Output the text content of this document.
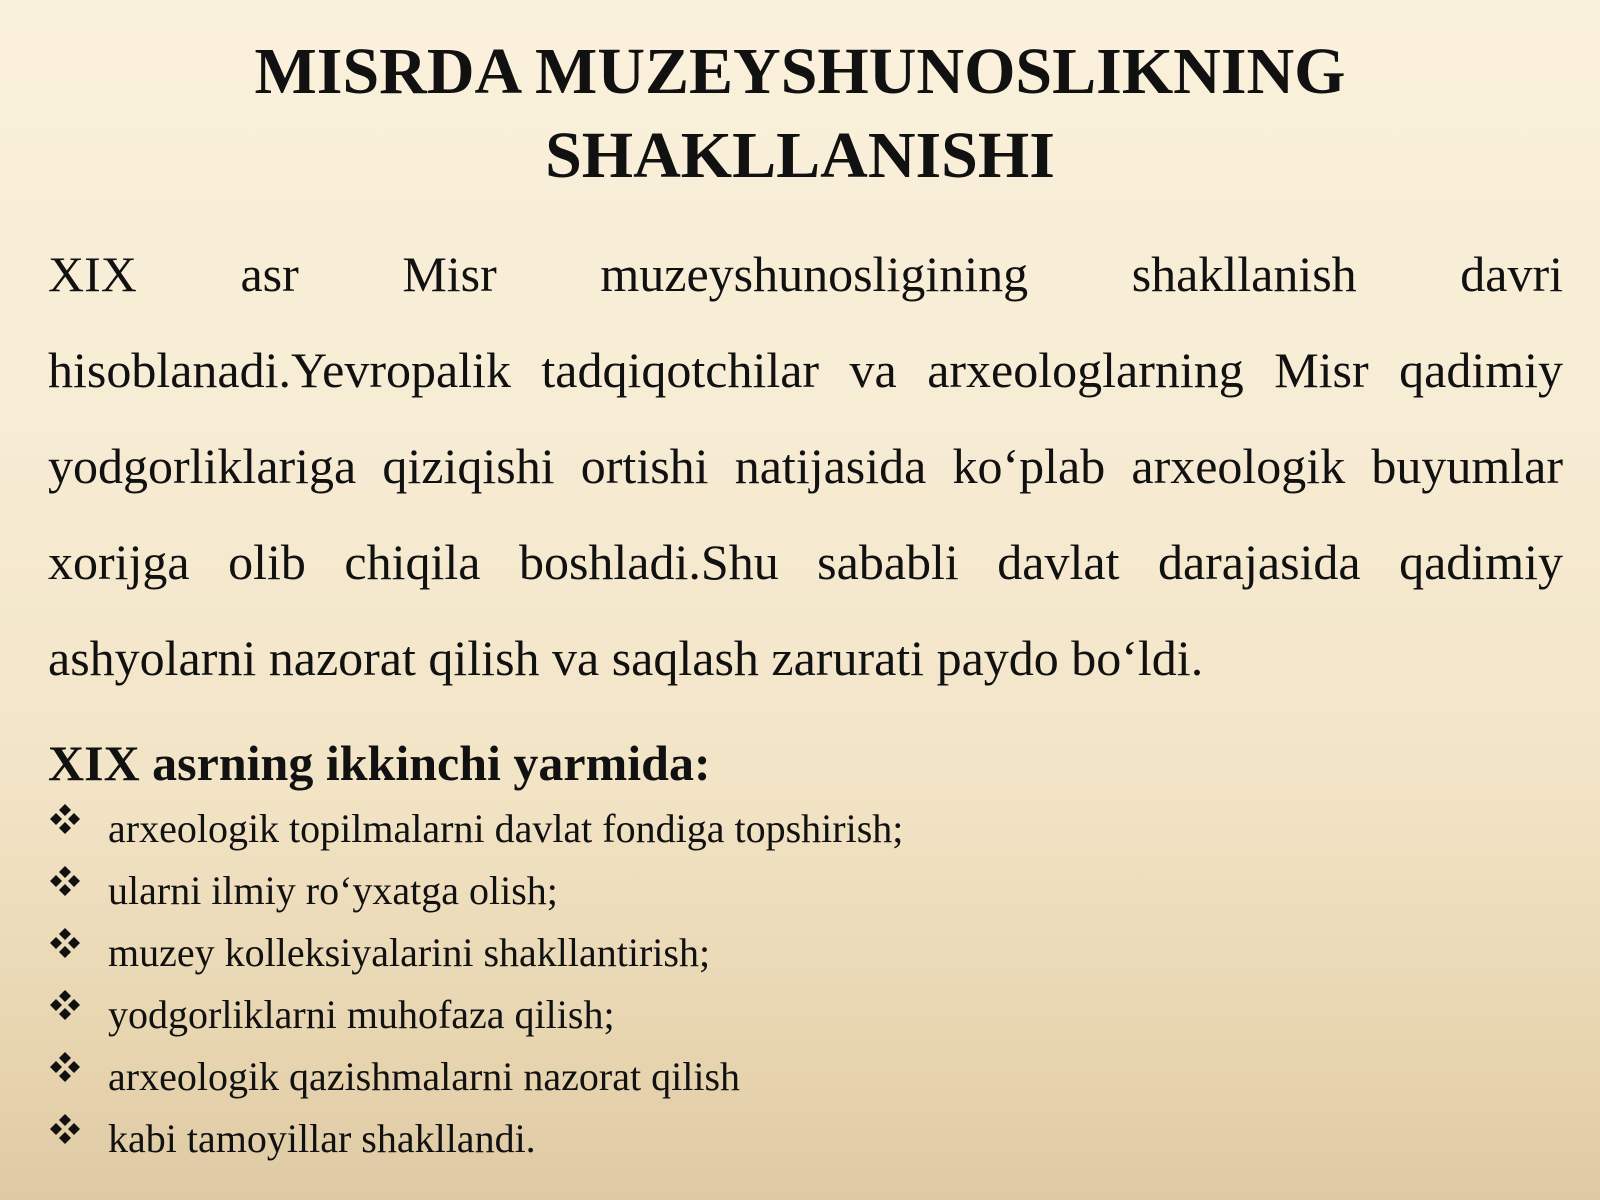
MISRDA MUZEYSHUNOSLIKNING
SHAKLLANISHI

XIX asr Misr muzeyshunosligining shakllanish davri hisoblanadi.Yevropalik tadqiqotchilar va arxeologlarning Misr qadimiy yodgorliklariga qiziqishi ortishi natijasida ko‘plab arxeologik buyumlar xorijga olib chiqila boshladi.Shu sababli davlat darajasida qadimiy ashyolarni nazorat qilish va saqlash zarurati paydo bo‘ldi.

XIX asrning ikkinchi yarmida:
arxeologik topilmalarni davlat fondiga topshirish;
ularni ilmiy ro‘yxatga olish;
muzey kolleksiyalarini shakllantirish;
yodgorliklarni muhofaza qilish;
arxeologik qazishmalarni nazorat qilish
kabi tamoyillar shakllandi.
